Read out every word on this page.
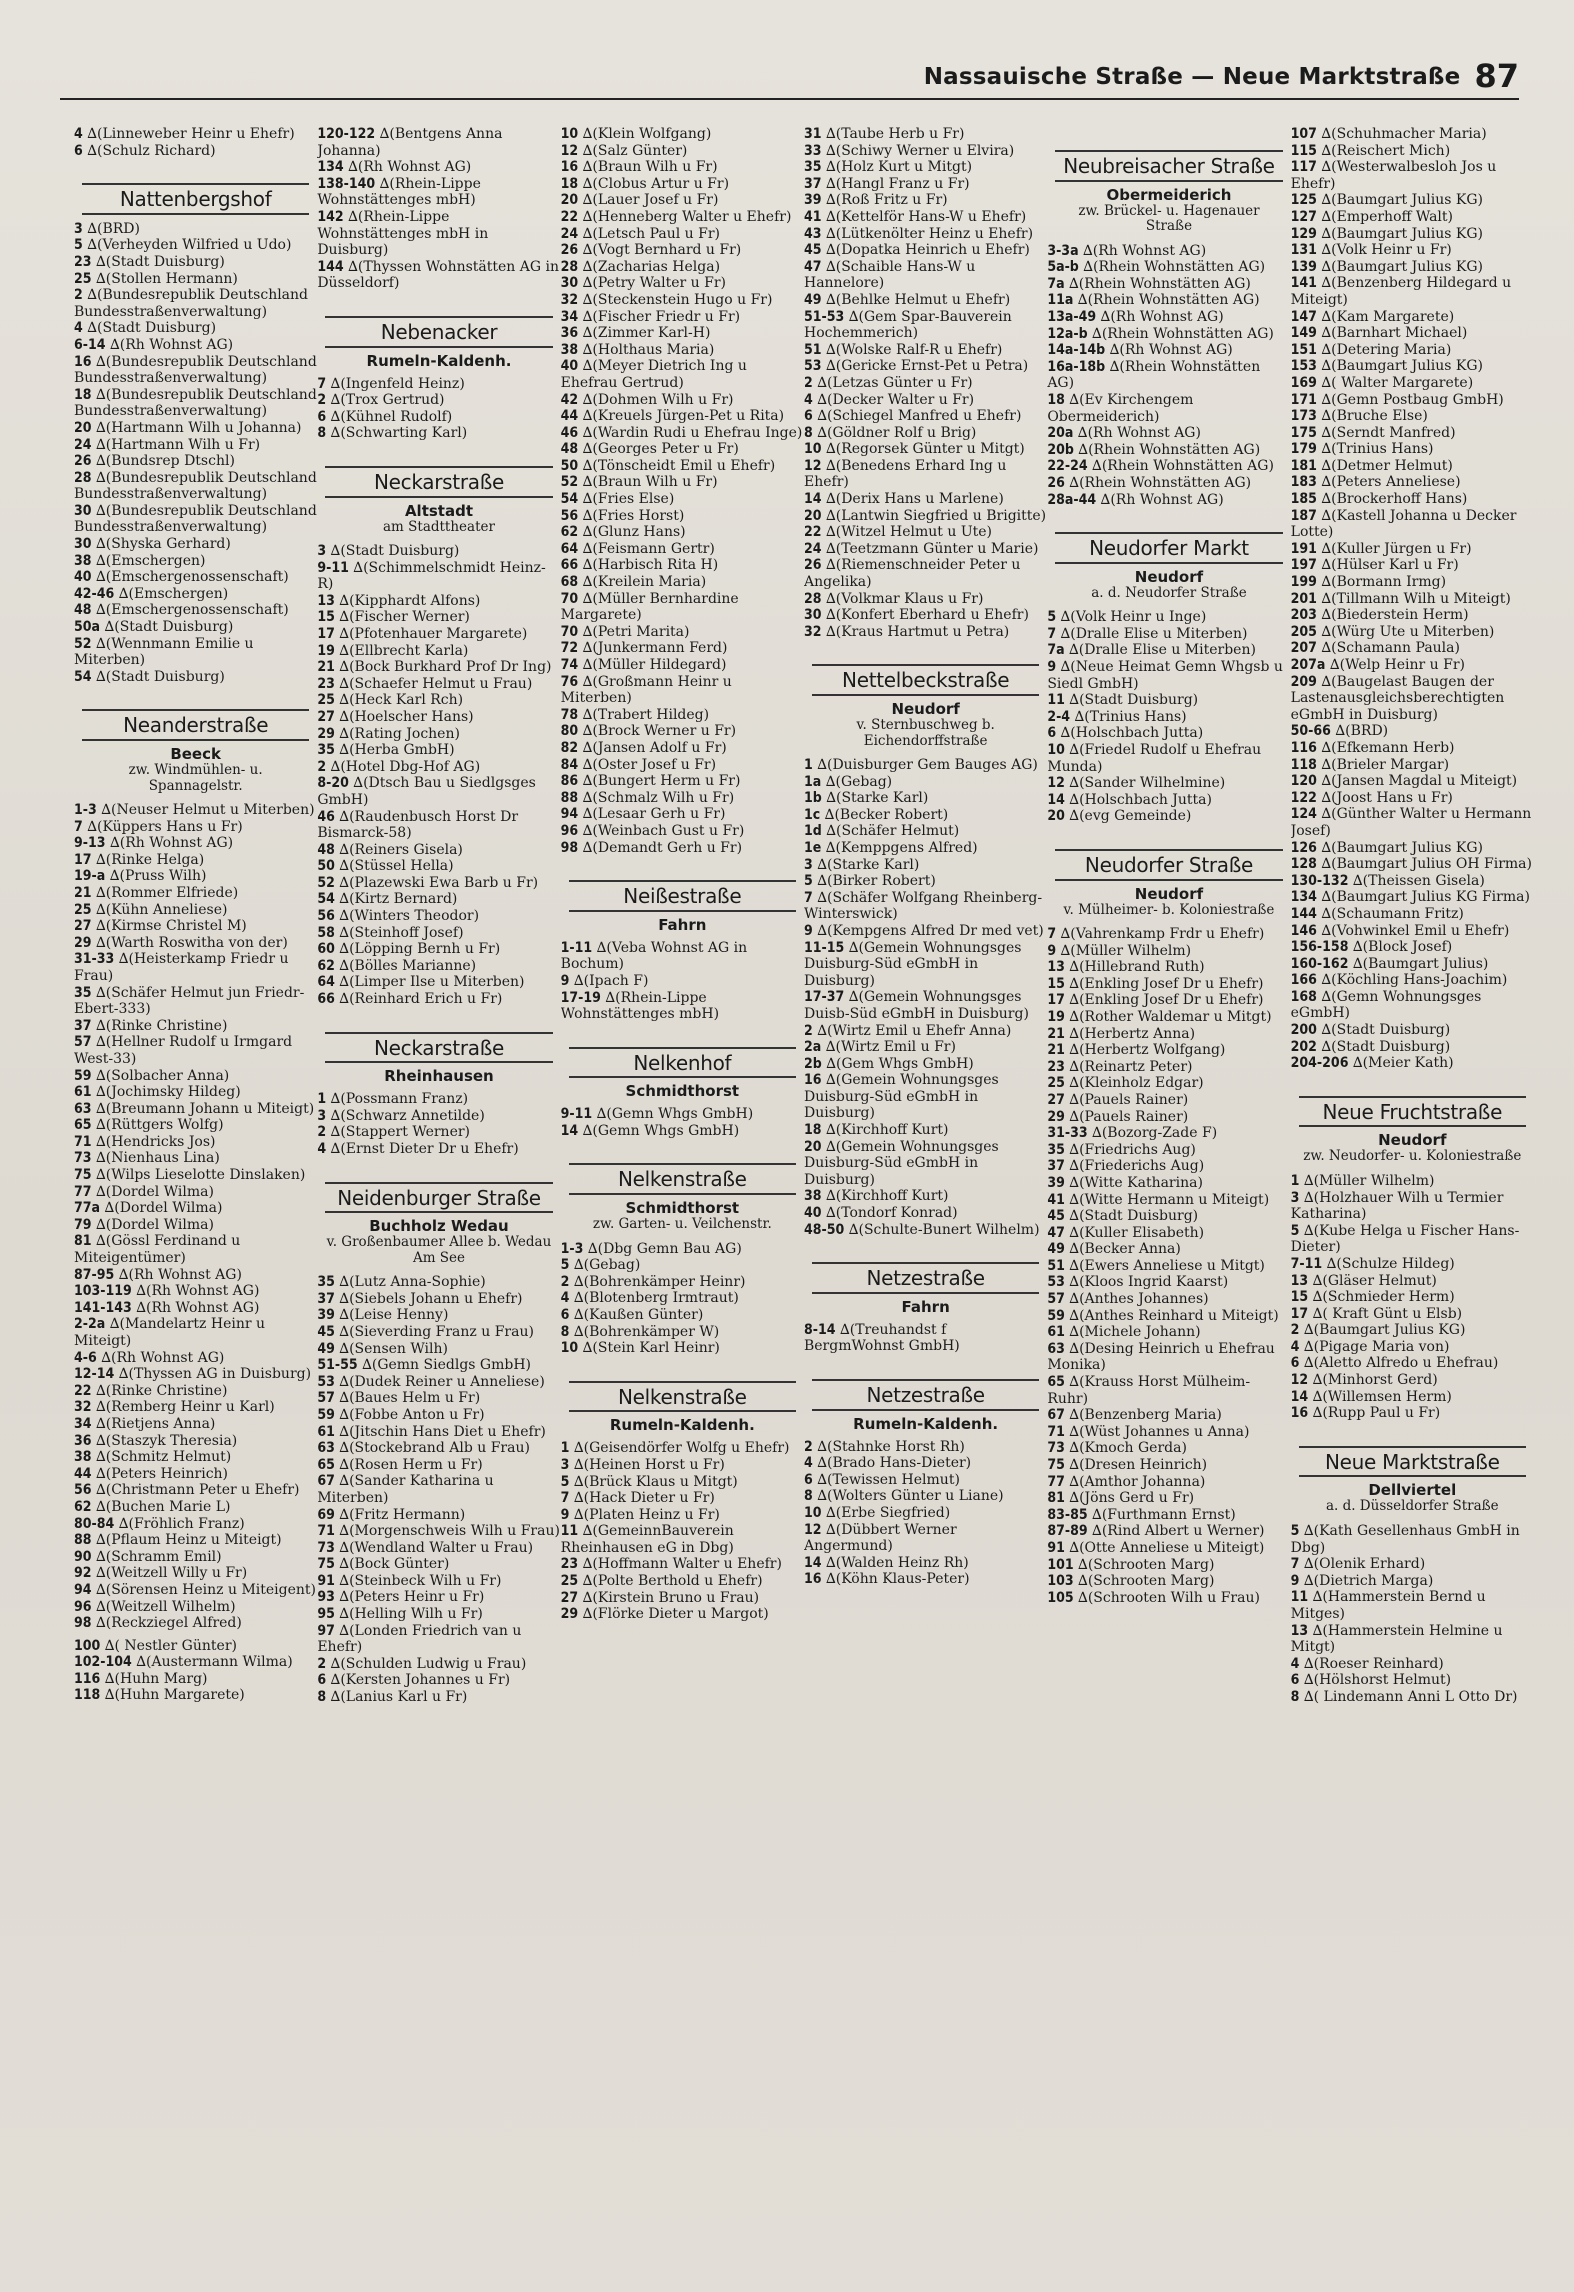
Nassauische Straße — Neue Marktstraße 87
4 ∆(Linneweber Heinr u Ehefr)
6 ∆(Schulz Richard)
Nattenbergshof
3 ∆(BRD)
5 ∆(Verheyden Wilfried u Udo)
23 ∆(Stadt Duisburg)
25 ∆(Stollen Hermann)
2 ∆(Bundesrepublik Deutschland Bundesstraßenverwaltung)
4 ∆(Stadt Duisburg)
6-14 ∆(Rh Wohnst AG)
16 ∆(Bundesrepublik Deutschland Bundesstraßenverwaltung)
18 ∆(Bundesrepublik Deutschland Bundesstraßenverwaltung)
20 ∆(Hartmann Wilh u Johanna)
24 ∆(Hartmann Wilh u Fr)
26 ∆(Bundsrep Dtschl)
28 ∆(Bundesrepublik Deutschland Bundesstraßenverwaltung)
30 ∆(Bundesrepublik Deutschland Bundesstraßenverwaltung)
30 ∆(Shyska Gerhard)
38 ∆(Emschergen)
40 ∆(Emschergenossenschaft)
42-46 ∆(Emschergen)
48 ∆(Emschergenossenschaft)
50a ∆(Stadt Duisburg)
52 ∆(Wennmann Emilie u Miterben)
54 ∆(Stadt Duisburg)
Neanderstraße
Beeck
zw. Windmühlen- u. Spannagelstr.
1-3 ∆(Neuser Helmut u Miterben)
7 ∆(Küppers Hans u Fr)
9-13 ∆(Rh Wohnst AG)
17 ∆(Rinke Helga)
19-a ∆(Pruss Wilh)
21 ∆(Rommer Elfriede)
25 ∆(Kühn Anneliese)
27 ∆(Kirmse Christel M)
29 ∆(Warth Roswitha von der)
31-33 ∆(Heisterkamp Friedr u Frau)
35 ∆(Schäfer Helmut jun Friedr-Ebert-333)
37 ∆(Rinke Christine)
57 ∆(Hellner Rudolf u Irmgard West-33)
59 ∆(Solbacher Anna)
61 ∆(Jochimsky Hildeg)
63 ∆(Breumann Johann u Miteigt)
65 ∆(Rüttgers Wolfg)
71 ∆(Hendricks Jos)
73 ∆(Nienhaus Lina)
75 ∆(Wilps Lieselotte Dinslaken)
77 ∆(Dordel Wilma)
77a ∆(Dordel Wilma)
79 ∆(Dordel Wilma)
81 ∆(Gössl Ferdinand u Miteigentümer)
87-95 ∆(Rh Wohnst AG)
103-119 ∆(Rh Wohnst AG)
141-143 ∆(Rh Wohnst AG)
2-2a ∆(Mandelartz Heinr u Miteigt)
4-6 ∆(Rh Wohnst AG)
12-14 ∆(Thyssen AG in Duisburg)
22 ∆(Rinke Christine)
32 ∆(Remberg Heinr u Karl)
34 ∆(Rietjens Anna)
36 ∆(Staszyk Theresia)
38 ∆(Schmitz Helmut)
44 ∆(Peters Heinrich)
56 ∆(Christmann Peter u Ehefr)
62 ∆(Buchen Marie L)
80-84 ∆(Fröhlich Franz)
88 ∆(Pflaum Heinz u Miteigt)
90 ∆(Schramm Emil)
92 ∆(Weitzell Willy u Fr)
94 ∆(Sörensen Heinz u Miteigent)
96 ∆(Weitzell Wilhelm)
98 ∆(Reckziegel Alfred)
100 ∆( Nestler Günter)
102-104 ∆(Austermann Wilma)
116 ∆(Huhn Marg)
118 ∆(Huhn Margarete)
120-122 ∆(Bentgens Anna Johanna)
134 ∆(Rh Wohnst AG)
138-140 ∆(Rhein-Lippe Wohnstättenges mbH)
142 ∆(Rhein-Lippe Wohnstättenges mbH in Duisburg)
144 ∆(Thyssen Wohnstätten AG in Düsseldorf)
Nebenacker
Rumeln-Kaldenh.
7 ∆(Ingenfeld Heinz)
2 ∆(Trox Gertrud)
6 ∆(Kühnel Rudolf)
8 ∆(Schwarting Karl)
Neckarstraße
Altstadt
am Stadttheater
3 ∆(Stadt Duisburg)
9-11 ∆(Schimmelschmidt Heinz-R)
13 ∆(Kipphardt Alfons)
15 ∆(Fischer Werner)
17 ∆(Pfotenhauer Margarete)
19 ∆(Ellbrecht Karla)
21 ∆(Bock Burkhard Prof Dr Ing)
23 ∆(Schaefer Helmut u Frau)
25 ∆(Heck Karl Rch)
27 ∆(Hoelscher Hans)
29 ∆(Rating Jochen)
35 ∆(Herba GmbH)
2 ∆(Hotel Dbg-Hof AG)
8-20 ∆(Dtsch Bau u Siedlgsges GmbH)
46 ∆(Raudenbusch Horst Dr Bismarck-58)
48 ∆(Reiners Gisela)
50 ∆(Stüssel Hella)
52 ∆(Plazewski Ewa Barb u Fr)
54 ∆(Kirtz Bernard)
56 ∆(Winters Theodor)
58 ∆(Steinhoff Josef)
60 ∆(Löpping Bernh u Fr)
62 ∆(Bölles Marianne)
64 ∆(Limper Ilse u Miterben)
66 ∆(Reinhard Erich u Fr)
Neckarstraße
Rheinhausen
1 ∆(Possmann Franz)
3 ∆(Schwarz Annetilde)
2 ∆(Stappert Werner)
4 ∆(Ernst Dieter Dr u Ehefr)
Neidenburger Straße
Buchholz Wedau
v. Großenbaumer Allee b. Wedau Am See
35 ∆(Lutz Anna-Sophie)
37 ∆(Siebels Johann u Ehefr)
39 ∆(Leise Henny)
45 ∆(Sieverding Franz u Frau)
49 ∆(Sensen Wilh)
51-55 ∆(Gemn Siedlgs GmbH)
53 ∆(Dudek Reiner u Anneliese)
57 ∆(Baues Helm u Fr)
59 ∆(Fobbe Anton u Fr)
61 ∆(Jitschin Hans Diet u Ehefr)
63 ∆(Stockebrand Alb u Frau)
65 ∆(Rosen Herm u Fr)
67 ∆(Sander Katharina u Miterben)
69 ∆(Fritz Hermann)
71 ∆(Morgenschweis Wilh u Frau)
73 ∆(Wendland Walter u Frau)
75 ∆(Bock Günter)
91 ∆(Steinbeck Wilh u Fr)
93 ∆(Peters Heinr u Fr)
95 ∆(Helling Wilh u Fr)
97 ∆(Londen Friedrich van u Ehefr)
2 ∆(Schulden Ludwig u Frau)
6 ∆(Kersten Johannes u Fr)
8 ∆(Lanius Karl u Fr)
10 ∆(Klein Wolfgang)
12 ∆(Salz Günter)
16 ∆(Braun Wilh u Fr)
18 ∆(Clobus Artur u Fr)
20 ∆(Lauer Josef u Fr)
22 ∆(Henneberg Walter u Ehefr)
24 ∆(Letsch Paul u Fr)
26 ∆(Vogt Bernhard u Fr)
28 ∆(Zacharias Helga)
30 ∆(Petry Walter u Fr)
32 ∆(Steckenstein Hugo u Fr)
34 ∆(Fischer Friedr u Fr)
36 ∆(Zimmer Karl-H)
38 ∆(Holthaus Maria)
40 ∆(Meyer Dietrich Ing u Ehefrau Gertrud)
42 ∆(Dohmen Wilh u Fr)
44 ∆(Kreuels Jürgen-Pet u Rita)
46 ∆(Wardin Rudi u Ehefrau Inge)
48 ∆(Georges Peter u Fr)
50 ∆(Tönscheidt Emil u Ehefr)
52 ∆(Braun Wilh u Fr)
54 ∆(Fries Else)
56 ∆(Fries Horst)
62 ∆(Glunz Hans)
64 ∆(Feismann Gertr)
66 ∆(Harbisch Rita H)
68 ∆(Kreilein Maria)
70 ∆(Müller Bernhardine Margarete)
70 ∆(Petri Marita)
72 ∆(Junkermann Ferd)
74 ∆(Müller Hildegard)
76 ∆(Großmann Heinr u Miterben)
78 ∆(Trabert Hildeg)
80 ∆(Brock Werner u Fr)
82 ∆(Jansen Adolf u Fr)
84 ∆(Oster Josef u Fr)
86 ∆(Bungert Herm u Fr)
88 ∆(Schmalz Wilh u Fr)
94 ∆(Lesaar Gerh u Fr)
96 ∆(Weinbach Gust u Fr)
98 ∆(Demandt Gerh u Fr)
Neißestraße
Fahrn
1-11 ∆(Veba Wohnst AG in Bochum)
9 ∆(Ipach F)
17-19 ∆(Rhein-Lippe Wohnstättenges mbH)
Nelkenhof
Schmidthorst
9-11 ∆(Gemn Whgs GmbH)
14 ∆(Gemn Whgs GmbH)
Nelkenstraße
Schmidthorst
zw. Garten- u. Veilchenstr.
1-3 ∆(Dbg Gemn Bau AG)
5 ∆(Gebag)
2 ∆(Bohrenkämper Heinr)
4 ∆(Blotenberg Irmtraut)
6 ∆(Kaußen Günter)
8 ∆(Bohrenkämper W)
10 ∆(Stein Karl Heinr)
Nelkenstraße
Rumeln-Kaldenh.
1 ∆(Geisendörfer Wolfg u Ehefr)
3 ∆(Heinen Horst u Fr)
5 ∆(Brück Klaus u Mitgt)
7 ∆(Hack Dieter u Fr)
9 ∆(Platen Heinz u Fr)
11 ∆(GemeinnBauverein Rheinhausen eG in Dbg)
23 ∆(Hoffmann Walter u Ehefr)
25 ∆(Polte Berthold u Ehefr)
27 ∆(Kirstein Bruno u Frau)
29 ∆(Flörke Dieter u Margot)
31 ∆(Taube Herb u Fr)
33 ∆(Schiwy Werner u Elvira)
35 ∆(Holz Kurt u Mitgt)
37 ∆(Hangl Franz u Fr)
39 ∆(Roß Fritz u Fr)
41 ∆(Kettelför Hans-W u Ehefr)
43 ∆(Lütkenölter Heinz u Ehefr)
45 ∆(Dopatka Heinrich u Ehefr)
47 ∆(Schaible Hans-W u Hannelore)
49 ∆(Behlke Helmut u Ehefr)
51-53 ∆(Gem Spar-Bauverein Hochemmerich)
51 ∆(Wolske Ralf-R u Ehefr)
53 ∆(Gericke Ernst-Pet u Petra)
2 ∆(Letzas Günter u Fr)
4 ∆(Decker Walter u Fr)
6 ∆(Schiegel Manfred u Ehefr)
8 ∆(Göldner Rolf u Brig)
10 ∆(Regorsek Günter u Mitgt)
12 ∆(Benedens Erhard Ing u Ehefr)
14 ∆(Derix Hans u Marlene)
20 ∆(Lantwin Siegfried u Brigitte)
22 ∆(Witzel Helmut u Ute)
24 ∆(Teetzmann Günter u Marie)
26 ∆(Riemenschneider Peter u Angelika)
28 ∆(Volkmar Klaus u Fr)
30 ∆(Konfert Eberhard u Ehefr)
32 ∆(Kraus Hartmut u Petra)
Nettelbeckstraße
Neudorf
v. Sternbuschweg b. Eichendorffstraße
1 ∆(Duisburger Gem Bauges AG)
1a ∆(Gebag)
1b ∆(Starke Karl)
1c ∆(Becker Robert)
1d ∆(Schäfer Helmut)
1e ∆(Kemppgens Alfred)
3 ∆(Starke Karl)
5 ∆(Birker Robert)
7 ∆(Schäfer Wolfgang Rheinberg-Winterswick)
9 ∆(Kempgens Alfred Dr med vet)
11-15 ∆(Gemein Wohnungsges Duisburg-Süd eGmbH in Duisburg)
17-37 ∆(Gemein Wohnungsges Duisb-Süd eGmbH in Duisburg)
2 ∆(Wirtz Emil u Ehefr Anna)
2a ∆(Wirtz Emil u Fr)
2b ∆(Gem Whgs GmbH)
16 ∆(Gemein Wohnungsges Duisburg-Süd eGmbH in Duisburg)
18 ∆(Kirchhoff Kurt)
20 ∆(Gemein Wohnungsges Duisburg-Süd eGmbH in Duisburg)
38 ∆(Kirchhoff Kurt)
40 ∆(Tondorf Konrad)
48-50 ∆(Schulte-Bunert Wilhelm)
Netzestraße
Fahrn
8-14 ∆(Treuhandst f BergmWohnst GmbH)
Netzestraße
Rumeln-Kaldenh.
2 ∆(Stahnke Horst Rh)
4 ∆(Brado Hans-Dieter)
6 ∆(Tewissen Helmut)
8 ∆(Wolters Günter u Liane)
10 ∆(Erbe Siegfried)
12 ∆(Dübbert Werner Angermund)
14 ∆(Walden Heinz Rh)
16 ∆(Köhn Klaus-Peter)
Neubreisacher Straße
Obermeiderich
zw. Brückel- u. Hagenauer Straße
3-3a ∆(Rh Wohnst AG)
5a-b ∆(Rhein Wohnstätten AG)
7a ∆(Rhein Wohnstätten AG)
11a ∆(Rhein Wohnstätten AG)
13a-49 ∆(Rh Wohnst AG)
12a-b ∆(Rhein Wohnstätten AG)
14a-14b ∆(Rh Wohnst AG)
16a-18b ∆(Rhein Wohnstätten AG)
18 ∆(Ev Kirchengem Obermeiderich)
20a ∆(Rh Wohnst AG)
20b ∆(Rhein Wohnstätten AG)
22-24 ∆(Rhein Wohnstätten AG)
26 ∆(Rhein Wohnstätten AG)
28a-44 ∆(Rh Wohnst AG)
Neudorfer Markt
Neudorf
a. d. Neudorfer Straße
5 ∆(Volk Heinr u Inge)
7 ∆(Dralle Elise u Miterben)
7a ∆(Dralle Elise u Miterben)
9 ∆(Neue Heimat Gemn Whgsb u Siedl GmbH)
11 ∆(Stadt Duisburg)
2-4 ∆(Trinius Hans)
6 ∆(Holschbach Jutta)
10 ∆(Friedel Rudolf u Ehefrau Munda)
12 ∆(Sander Wilhelmine)
14 ∆(Holschbach Jutta)
20 ∆(evg Gemeinde)
Neudorfer Straße
Neudorf
v. Mülheimer- b. Koloniestraße
7 ∆(Vahrenkamp Frdr u Ehefr)
9 ∆(Müller Wilhelm)
13 ∆(Hillebrand Ruth)
15 ∆(Enkling Josef Dr u Ehefr)
17 ∆(Enkling Josef Dr u Ehefr)
19 ∆(Rother Waldemar u Mitgt)
21 ∆(Herbertz Anna)
21 ∆(Herbertz Wolfgang)
23 ∆(Reinartz Peter)
25 ∆(Kleinholz Edgar)
27 ∆(Pauels Rainer)
29 ∆(Pauels Rainer)
31-33 ∆(Bozorg-Zade F)
35 ∆(Friedrichs Aug)
37 ∆(Friederichs Aug)
39 ∆(Witte Katharina)
41 ∆(Witte Hermann u Miteigt)
45 ∆(Stadt Duisburg)
47 ∆(Kuller Elisabeth)
49 ∆(Becker Anna)
51 ∆(Ewers Anneliese u Mitgt)
53 ∆(Kloos Ingrid Kaarst)
57 ∆(Anthes Johannes)
59 ∆(Anthes Reinhard u Miteigt)
61 ∆(Michele Johann)
63 ∆(Desing Heinrich u Ehefrau Monika)
65 ∆(Krauss Horst Mülheim-Ruhr)
67 ∆(Benzenberg Maria)
71 ∆(Wüst Johannes u Anna)
73 ∆(Kmoch Gerda)
75 ∆(Dresen Heinrich)
77 ∆(Amthor Johanna)
81 ∆(Jöns Gerd u Fr)
83-85 ∆(Furthmann Ernst)
87-89 ∆(Rind Albert u Werner)
91 ∆(Otte Anneliese u Miteigt)
101 ∆(Schrooten Marg)
103 ∆(Schrooten Marg)
105 ∆(Schrooten Wilh u Frau)
107 ∆(Schuhmacher Maria)
115 ∆(Reischert Mich)
117 ∆(Westerwalbesloh Jos u Ehefr)
125 ∆(Baumgart Julius KG)
127 ∆(Emperhoff Walt)
129 ∆(Baumgart Julius KG)
131 ∆(Volk Heinr u Fr)
139 ∆(Baumgart Julius KG)
141 ∆(Benzenberg Hildegard u Miteigt)
147 ∆(Kam Margarete)
149 ∆(Barnhart Michael)
151 ∆(Detering Maria)
153 ∆(Baumgart Julius KG)
169 ∆( Walter Margarete)
171 ∆(Gemn Postbaug GmbH)
173 ∆(Bruche Else)
175 ∆(Serndt Manfred)
179 ∆(Trinius Hans)
181 ∆(Detmer Helmut)
183 ∆(Peters Anneliese)
185 ∆(Brockerhoff Hans)
187 ∆(Kastell Johanna u Decker Lotte)
191 ∆(Kuller Jürgen u Fr)
197 ∆(Hülser Karl u Fr)
199 ∆(Bormann Irmg)
201 ∆(Tillmann Wilh u Miteigt)
203 ∆(Biederstein Herm)
205 ∆(Würg Ute u Miterben)
207 ∆(Schamann Paula)
207a ∆(Welp Heinr u Fr)
209 ∆(Baugelast Baugen der Lastenausgleichsberechtigten eGmbH in Duisburg)
50-66 ∆(BRD)
116 ∆(Efkemann Herb)
118 ∆(Brieler Margar)
120 ∆(Jansen Magdal u Miteigt)
122 ∆(Joost Hans u Fr)
124 ∆(Günther Walter u Hermann Josef)
126 ∆(Baumgart Julius KG)
128 ∆(Baumgart Julius OH Firma)
130-132 ∆(Theissen Gisela)
134 ∆(Baumgart Julius KG Firma)
144 ∆(Schaumann Fritz)
146 ∆(Vohwinkel Emil u Ehefr)
156-158 ∆(Block Josef)
160-162 ∆(Baumgart Julius)
166 ∆(Köchling Hans-Joachim)
168 ∆(Gemn Wohnungsges eGmbH)
200 ∆(Stadt Duisburg)
202 ∆(Stadt Duisburg)
204-206 ∆(Meier Kath)
Neue Fruchtstraße
Neudorf
zw. Neudorfer- u. Koloniestraße
1 ∆(Müller Wilhelm)
3 ∆(Holzhauer Wilh u Termier Katharina)
5 ∆(Kube Helga u Fischer Hans-Dieter)
7-11 ∆(Schulze Hildeg)
13 ∆(Gläser Helmut)
15 ∆(Schmieder Herm)
17 ∆( Kraft Günt u Elsb)
2 ∆(Baumgart Julius KG)
4 ∆(Pigage Maria von)
6 ∆(Aletto Alfredo u Ehefrau)
12 ∆(Minhorst Gerd)
14 ∆(Willemsen Herm)
16 ∆(Rupp Paul u Fr)
Neue Marktstraße
Dellviertel
a. d. Düsseldorfer Straße
5 ∆(Kath Gesellenhaus GmbH in Dbg)
7 ∆(Olenik Erhard)
9 ∆(Dietrich Marga)
11 ∆(Hammerstein Bernd u Mitges)
13 ∆(Hammerstein Helmine u Mitgt)
4 ∆(Roeser Reinhard)
6 ∆(Hölshorst Helmut)
8 ∆( Lindemann Anni L Otto Dr)
